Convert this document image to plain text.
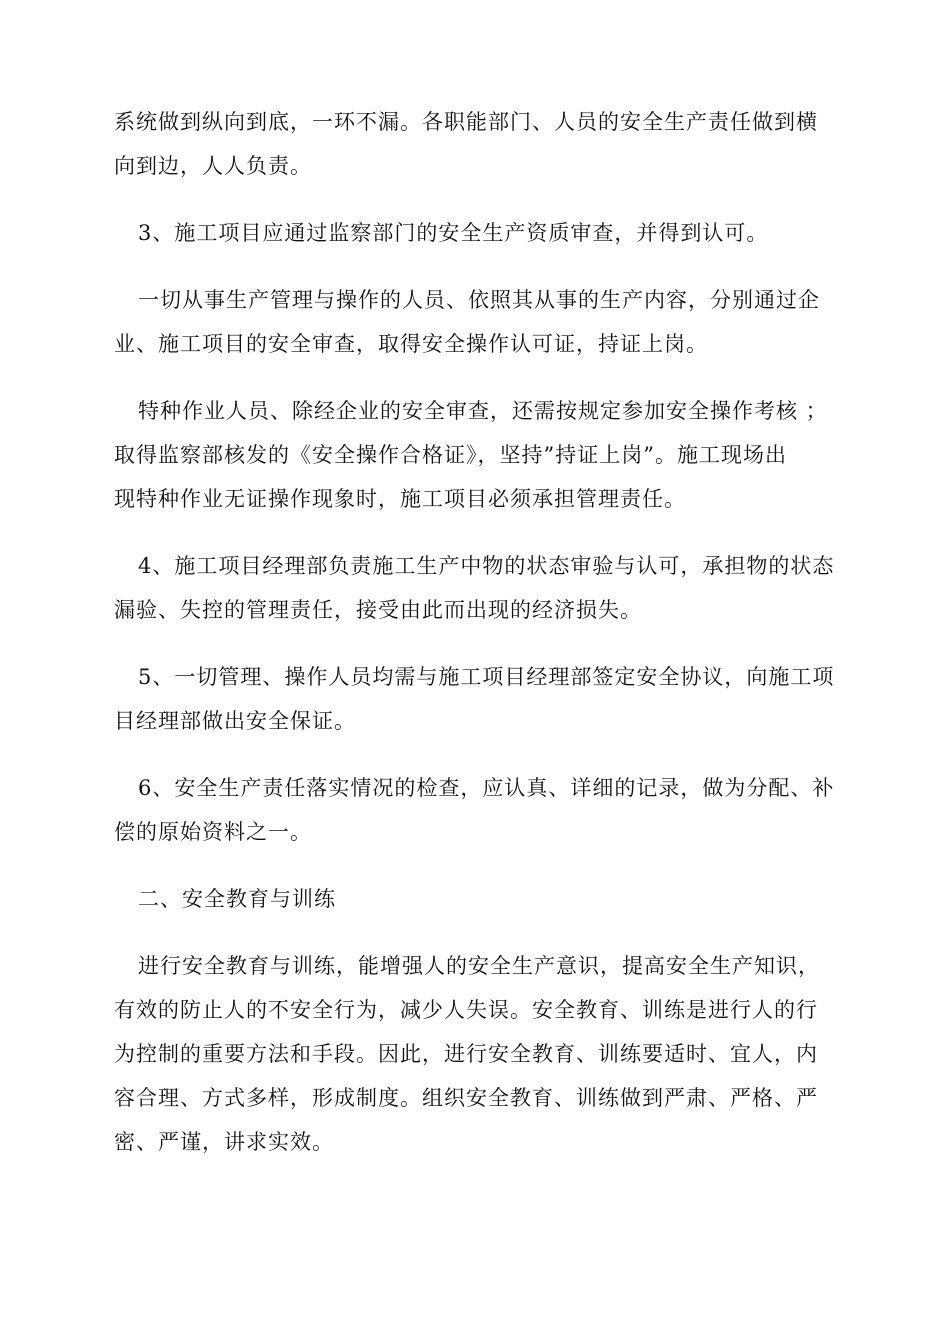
系统做到纵向到底，一环不漏。各职能部门、人员的安全生产责任做到横
向到边，人人负责。

3、施工项目应通过监察部门的安全生产资质审查，并得到认可。

一切从事生产管理与操作的人员、依照其从事的生产内容，分别通过企
业、施工项目的安全审查，取得安全操作认可证，持证上岗。

特种作业人员、除经企业的安全审查，还需按规定参加安全操作考核 ；
取得监察部核发的《安全操作合格证》，坚持”持证上岗”。施工现场出
现特种作业无证操作现象时，施工项目必须承担管理责任。

4、施工项目经理部负责施工生产中物的状态审验与认可，承担物的状态
漏验、失控的管理责任，接受由此而出现的经济损失。

5、一切管理、操作人员均需与施工项目经理部签定安全协议，向施工项
目经理部做出安全保证。

6、安全生产责任落实情况的检查，应认真、详细的记录，做为分配、补
偿的原始资料之一。

二、安全教育与训练

进行安全教育与训练，能增强人的安全生产意识，提高安全生产知识，
有效的防止人的不安全行为，减少人失误。安全教育、训练是进行人的行
为控制的重要方法和手段。因此，进行安全教育、训练要适时、宜人，内
容合理、方式多样，形成制度。组织安全教育、训练做到严肃、严格、严
密、严谨，讲求实效。
